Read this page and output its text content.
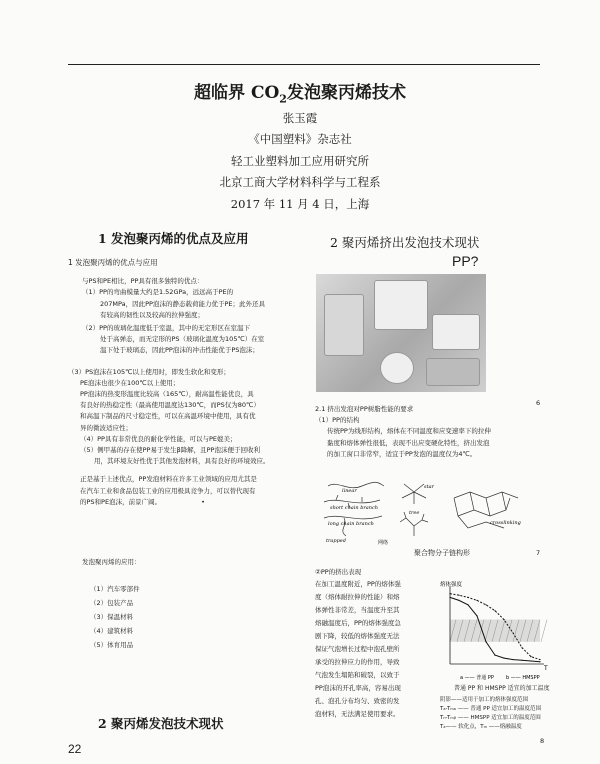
超临界 $CO_2$发泡聚丙烯技术
张玉霞
《中国塑料》杂志社
轻工业塑料加工应用研究所
北京工商大学材料科学与工程系
2017 年 11 月 4 日，上海
1 发泡聚丙烯的优点及应用

1 发泡聚丙烯的优点与应用

与PS和PE相比，PP具有很多独特的优点：

（1）PP的弯曲模量大约是1.52GPa，远远高于PE的
207MPa，因此PP泡沫的静态载荷能力优于PE；此外还具
有较高的韧性以及较高的拉伸强度；

（2）PP的玻璃化温度低于室温，其中的无定形区在室温下
处于高弹态，而无定形的PS（玻璃化温度为105℃）在室
温下处于玻璃态，因此PP泡沫的冲击性能优于PS泡沫；

（3）PS泡沫在105℃以上使用时，即发生软化和变形；

PE泡沫也很少在100℃以上使用；
PP泡沫的热变形温度比较高（165℃），耐高温性能优良，具
有良好的热稳定性（最高使用温度达130℃，而PS仅为80℃）
和高温下制品的尺寸稳定性，可以在高温环境中使用，具有优
异的微波适应性；

（4）PP具有非常优良的耐化学性能，可以与PE媲美；

（5）侧甲基的存在使PP易于发生β降解，且PP泡沫便于回收利
用，其环境友好性优于其他发泡材料，具有良好的环境效应。

正是基于上述优点，PP发泡材料在许多工业领域的应用尤其是
在汽车工业和食品包装工业的应用极具竞争力，可以替代现有
的PS和PE泡沫，前景广阔。	•

发泡聚丙烯的应用：

（1）汽车零部件

（2）包装产品

（3）保温材料

（4）建筑材料

（5）体育用品

2 聚丙烯发泡技术现状
2 聚丙烯挤出发泡技术现状
PP?
6

2.1 挤出发泡对PP树脂性能的要求

（1）PP的结构

传统PP为线形结构，熔体在不同温度和应变速率下的拉伸
黏度和熔体弹性很低，表现不出应变硬化特性，挤出发泡
的加工窗口非常窄，适宜于PP发泡的温度仅为4℃。

linear
short chain branch
star
long chain branch
tree
crosslinking
trapped	网络
聚合物分子链构形	7

②PP的挤出表现

在加工温度附近，PP的熔体强

度（熔体耐拉伸的性能）和熔

体弹性非常差，当温度升至其

熔融温度后，PP的熔体强度急

剧下降，较低的熔体强度无法

保证气泡增长过程中泡孔壁所

承受的拉伸应力的作用，导致

气泡发生塌陷和破裂，以致于

PP泡沫的开孔率高，容易出现

孔、泡孔分布均匀、致密的发

泡材料，无法满足使用要求。

熔体强度
T
a —— 普通 PP b —— HMSPP
普通 PP 和 HMSPP 适宜的加工温度
阴影——适用于加工的熔体强度范围
Tₐ-Tₘₐ —— 普通 PP 适宜加工的温度范围
Tₙ-Tₘᵦ —— HMSPP 适宜加工的温度范围
Tₐ—— 软化点，Tₘ ——熔融温度
8
22
